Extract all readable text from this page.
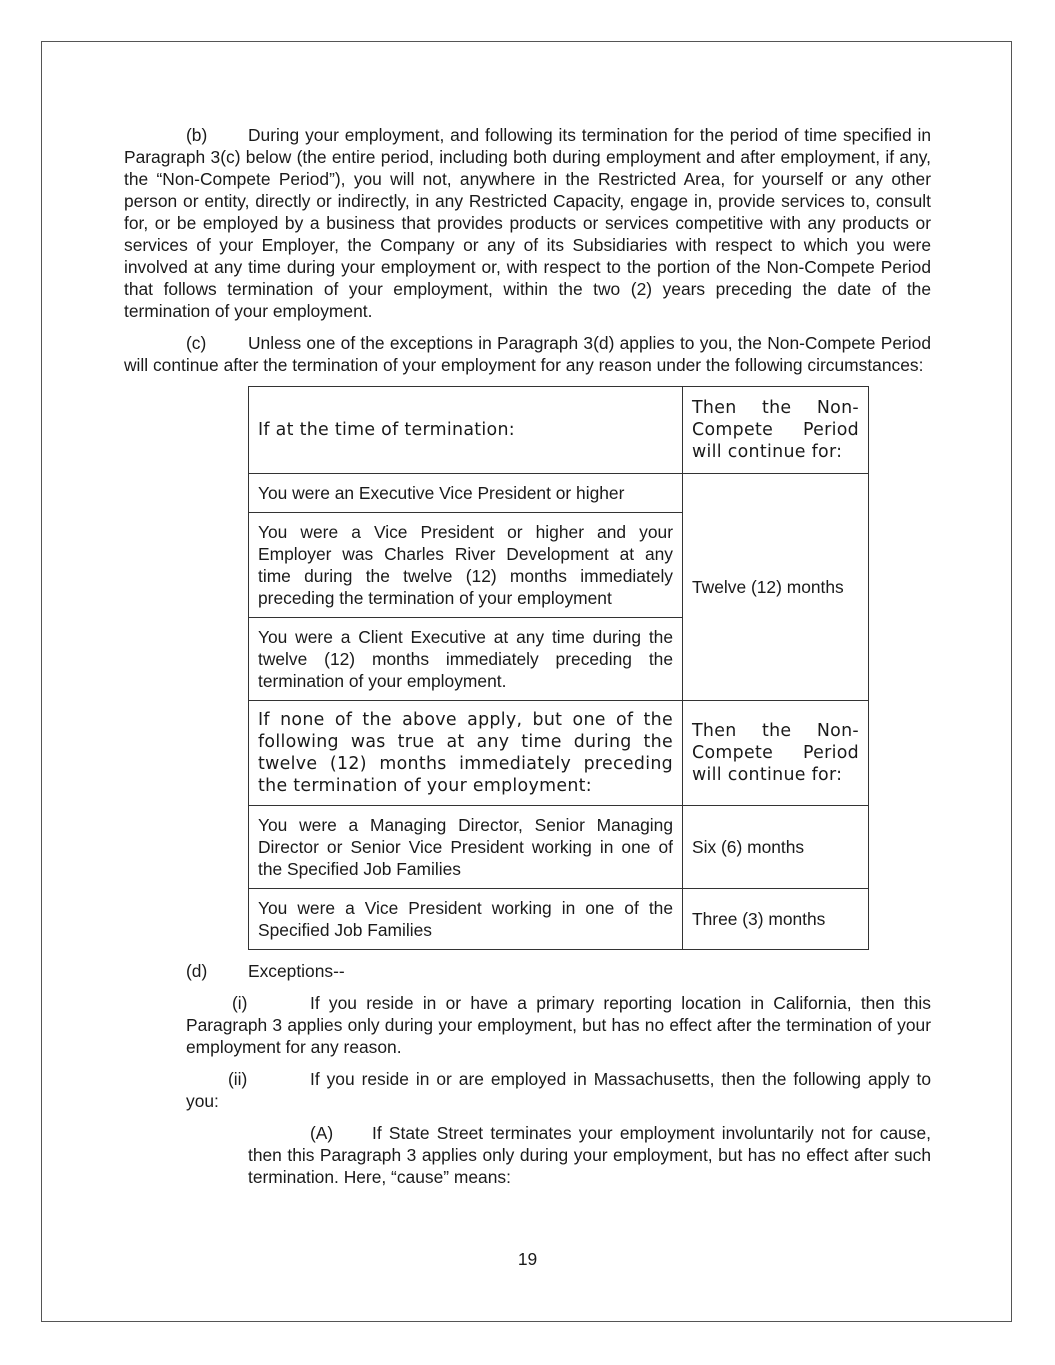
(b) During your employment, and following its termination for the period of time specified in Paragraph 3(c) below (the entire period, including both during employment and after employment, if any, the “Non-Compete Period”), you will not, anywhere in the Restricted Area, for yourself or any other person or entity, directly or indirectly, in any Restricted Capacity, engage in, provide services to, consult for, or be employed by a business that provides products or services competitive with any products or services of your Employer, the Company or any of its Subsidiaries with respect to which you were involved at any time during your employment or, with respect to the portion of the Non-Compete Period that follows termination of your employment, within the two (2) years preceding the date of the termination of your employment.

(c) Unless one of the exceptions in Paragraph 3(d) applies to you, the Non-Compete Period will continue after the termination of your employment for any reason under the following circumstances:

If at the time of termination:	Then the Non-Compete Period will continue for:
You were an Executive Vice President or higher	Twelve (12) months
You were a Vice President or higher and your Employer was Charles River Development at any time during the twelve (12) months immediately preceding the termination of your employment	
You were a Client Executive at any time during the twelve (12) months immediately preceding the termination of your employment.	
If none of the above apply, but one of the following was true at any time during the twelve (12) months immediately preceding the termination of your employment:	Then the Non-Compete Period will continue for:
You were a Managing Director, Senior Managing Director or Senior Vice President working in one of the Specified Job Families	Six (6) months
You were a Vice President working in one of the Specified Job Families	Three (3) months

(d) Exceptions--

(i)	If you reside in or have a primary reporting location in California, then this Paragraph 3 applies only during your employment, but has no effect after the termination of your employment for any reason.

(ii)	If you reside in or are employed in Massachusetts, then the following apply to you:

(A) If State Street terminates your employment involuntarily not for cause, then this Paragraph 3 applies only during your employment, but has no effect after such termination. Here, “cause” means:

19
